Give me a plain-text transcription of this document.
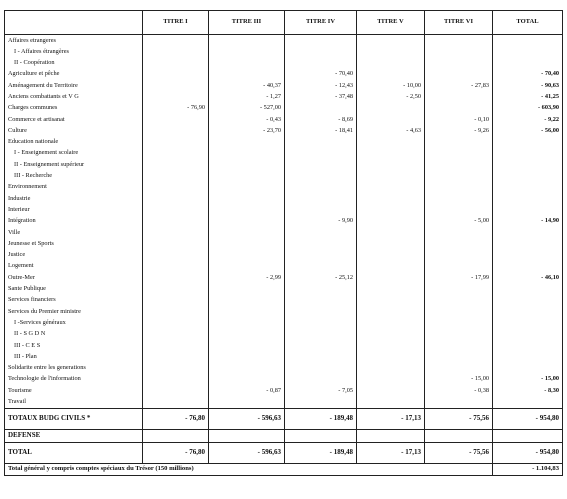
	TITRE I	TITRE III	TITRE IV	TITRE V	TITRE VI	TOTAL
Affaires etrangeres						
I - Affaires étrangères						
II - Coopération						
Agriculture et pêche			- 70,40			- 70,40
Aménagement du Territoire		- 40,37	- 12,43	- 10,00	- 27,83	- 90,63
Anciens combattants et V G		- 1,27	- 37,48	- 2,50		- 41,25
Charges communes	- 76,90	- 527,00				- 603,90
Commerce et artisanat		- 0,43	- 8,69		- 0,10	- 9,22
Culture		- 23,70	- 18,41	- 4,63	- 9,26	- 56,00
Education nationale						
I - Enseignement scolaire						
II - Enseignement supérieur						
III - Recherche						
Environnement						
Industrie						
Interieur						
Intégration			- 9,90		- 5,00	- 14,90
Ville						
Jeunesse et Sports						
Justice						
Logement						
Outre-Mer		- 2,99	- 25,12		- 17,99	- 46,10
Sante Publique						
Services financiers						
Services du Premier ministre						
I -Services généraux						
II - S G D N						
III - C E S						
III - Plan						
Solidarite entre les generations						
Technologie de l'information					- 15,00	- 15,00
Tourisme		- 0,87	- 7,05		- 0,38	- 8,30
Travail						
TOTAUX BUDG CIVILS *	- 76,80	- 596,63	- 189,48	- 17,13	- 75,56	- 954,80
DEFENSE						
TOTAL	- 76,80	- 596,63	- 189,48	- 17,13	- 75,56	- 954,80
Total général y compris comptes spéciaux du Trésor (150 millions)						- 1.104,83
